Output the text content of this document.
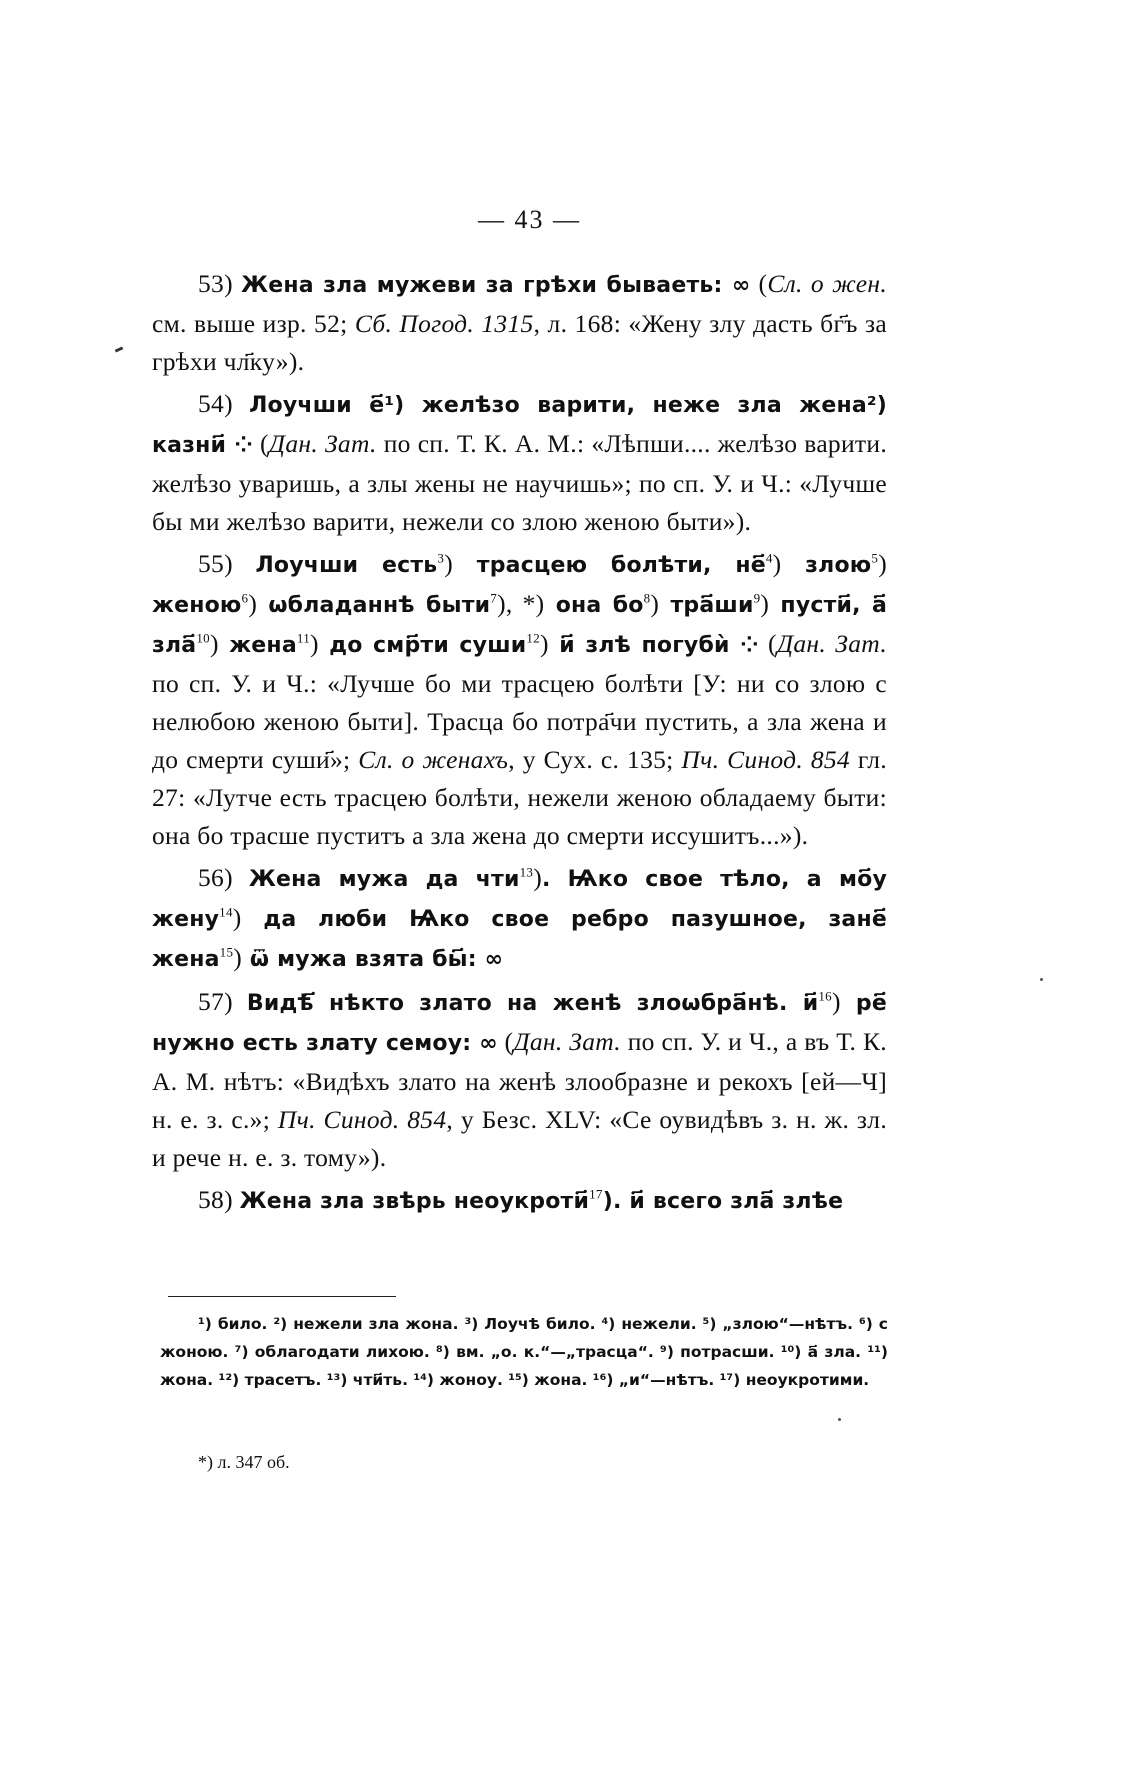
— 43 —

53) Жена зла мужеви за грѣхи бываеть: ∞ (Сл. о жен. см. выше изр. 52; Сб. Погод. 1315, л. 168: «Жену злу дасть бг҃ъ за грѣхи чл҃ку»).

54) Лоучши е҃¹) желѣзо варити, неже зла жена²) казни҃ ⁘ (Дан. Зат. по сп. Т. К. А. М.: «Лѣпши.... желѣзо варити. желѣзо увaришь, а злы жены не научишь»; по сп. У. и Ч.: «Лучше бы ми желѣзо варити, нежели со злою женою быти»).

55) Лоучши есть$^3$) трасцею болѣти, не҃$^4$) злою$^5$) женою$^6$) ѡбладаннѣ быти$^7$), *) она $бо^8$) $тра҃ши^9$) пусти҃, а҃ зла҃$^{10}$) жена$^{11}$) до смр҃ти суши$^{12}$) и҃ злѣ погубѝ ⁘ (Дан. Зат. по сп. У. и Ч.: «Лучше бо ми трасцею болѣти [У: ни со злою с нелюбою женою быти]. Трасца бо потра҃чи пустить, а зла жена и до смерти суши҃»; Сл. о женахъ, у Сух. с. 135; Пч. Синод. 854 гл. 27: «Лутче есть трасцею болѣти, нежели женою обладаему быти: она бо трасше пуститъ а зла жена до смерти иссушитъ...»).

56) Жена мужа да чти$^{13}$). Ѩко свое тѣло, а мо҃у жену$^{14}$) да люби Ѩко свое ребро пазушное, зане҃ жена$^{15}$) ѿ мужа взята бы҃: ∞

57) Видѣ҃ нѣкто злато на женѣ злоѡбра҃нѣ. и҃$^{16}$) ре҃ нужно есть злату семоу: ∞ (Дан. Зат. по сп. У. и Ч., а въ Т. К. А. М. нѣтъ: «Видѣхъ злато на женѣ злообразне и рекохъ [ей—Ч] н. е. з. с.»; Пч. Синод. 854, у Безс. XLV: «Се оувидѣвъ з. н. ж. зл. и рече н. е. з. тому»).

58) Жена зла звѣрь неоукроти҃$^{17}$). и҃ всего зла҃ злѣе

¹) било. ²) нежели зла жона. ³) Лоучѣ било. ⁴) нежели. ⁵) „злою“—нѣтъ. ⁶) с жоною. ⁷) облагодати лихою. ⁸) вм. „о. к.“—„трасца“. ⁹) потрасши. ¹⁰) а҃ зла. ¹¹) жона. ¹²) трасетъ. ¹³) чти҃ть. ¹⁴) жоноу. ¹⁵) жона. ¹⁶) „и“—нѣтъ. ¹⁷) неоукротими.
*) л. 347 об.
